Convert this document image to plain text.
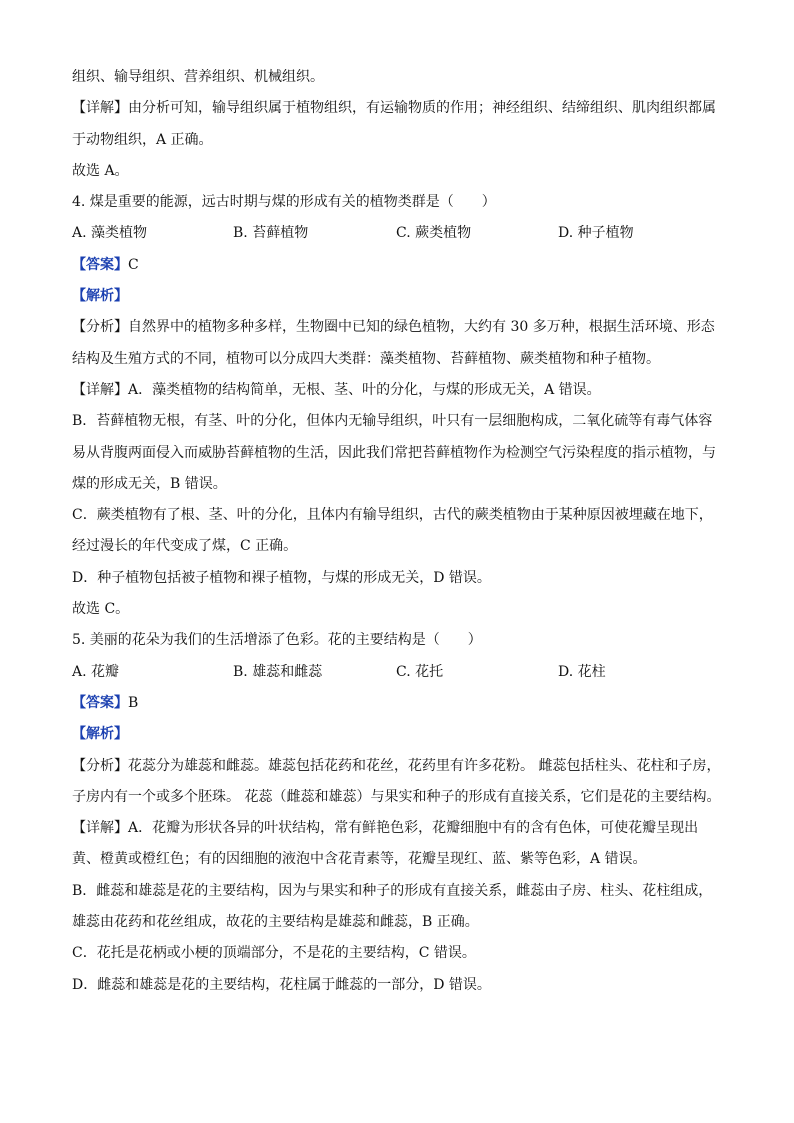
组织、输导组织、营养组织、机械组织。

【详解】由分析可知，输导组织属于植物组织，有运输物质的作用；神经组织、结缔组织、肌肉组织都属于动物组织，A 正确。

故选 A。

4. 煤是重要的能源，远古时期与煤的形成有关的植物类群是（　　）

A. 藻类植物	B. 苔藓植物	C. 蕨类植物	D. 种子植物
【答案】C
【解析】

【分析】自然界中的植物多种多样，生物圈中已知的绿色植物，大约有 30 多万种，根据生活环境、形态结构及生殖方式的不同，植物可以分成四大类群：藻类植物、苔藓植物、蕨类植物和种子植物。

【详解】A．藻类植物的结构简单，无根、茎、叶的分化，与煤的形成无关，A 错误。

B．苔藓植物无根，有茎、叶的分化，但体内无输导组织，叶只有一层细胞构成，二氧化硫等有毒气体容易从背腹两面侵入而威胁苔藓植物的生活，因此我们常把苔藓植物作为检测空气污染程度的指示植物，与煤的形成无关，B 错误。

C．蕨类植物有了根、茎、叶的分化，且体内有输导组织，古代的蕨类植物由于某种原因被埋藏在地下，经过漫长的年代变成了煤，C 正确。

D．种子植物包括被子植物和裸子植物，与煤的形成无关，D 错误。

故选 C。

5. 美丽的花朵为我们的生活增添了色彩。花的主要结构是（　　）

A. 花瓣	B. 雄蕊和雌蕊	C. 花托	D. 花柱
【答案】B
【解析】

【分析】花蕊分为雄蕊和雌蕊。雄蕊包括花药和花丝，花药里有许多花粉。 雌蕊包括柱头、花柱和子房，子房内有一个或多个胚珠。 花蕊（雌蕊和雄蕊）与果实和种子的形成有直接关系，它们是花的主要结构。

【详解】A．花瓣为形状各异的叶状结构，常有鲜艳色彩，花瓣细胞中有的含有色体，可使花瓣呈现出黄、橙黄或橙红色；有的因细胞的液泡中含花青素等，花瓣呈现红、蓝、紫等色彩，A 错误。

B．雌蕊和雄蕊是花的主要结构，因为与果实和种子的形成有直接关系，雌蕊由子房、柱头、花柱组成，雄蕊由花药和花丝组成，故花的主要结构是雄蕊和雌蕊，B 正确。

C．花托是花柄或小梗的顶端部分，不是花的主要结构，C 错误。

D．雌蕊和雄蕊是花的主要结构，花柱属于雌蕊的一部分，D 错误。
